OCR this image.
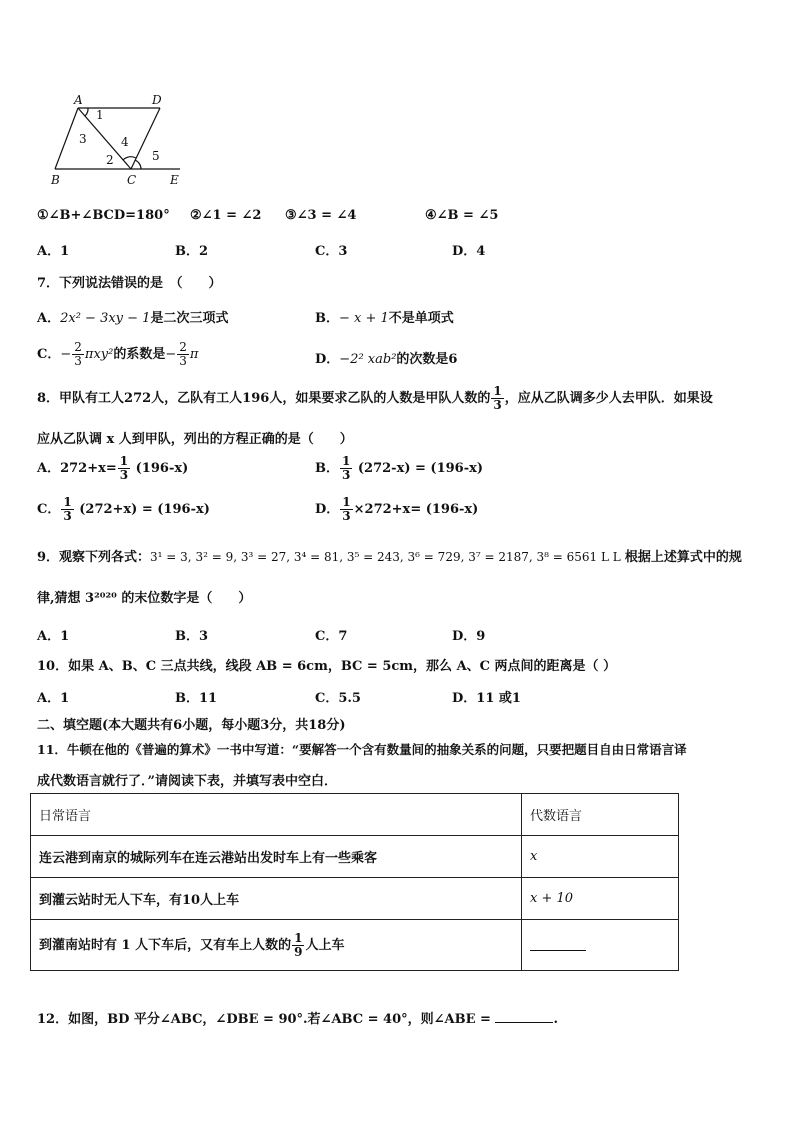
A	D
B	C	E
1
3	4
2	5
①∠B+∠BCD=180° ②∠1 = ∠2 ③∠3 = ∠4	④∠B = ∠5
A．1	B．2	C．3	D．4
7．下列说法错误的是　（　　）
A．2x² − 3xy − 1是二次三项式	B．− x + 1不是单项式
C．− $\frac{2}{3} \pi xy^2$的系数是− $\frac{2}{3}$ π	D．−2² xab²的次数是6
8．甲队有工人272人，乙队有工人196人，如果要求乙队的人数是甲队人数的 $\frac{1}{3}$ ，应从乙队调多少人去甲队．如果设
应从乙队调 x 人到甲队，列出的方程正确的是（　　）
A．$272+x= \frac{1}{3} (196-x)$	B． $\frac{1}{3} (272-x) = (196-x)$
C． $\frac{1}{3} (272+x) = (196-x)$	D． $\frac{1}{3} \times 272+x= (196-x)$
9．观察下列各式：3¹ = 3, 3² = 9, 3³ = 27, 3⁴ = 81, 3⁵ = 243, 3⁶ = 729, 3⁷ = 2187, 3⁸ = 6561 L L 根据上述算式中的规
律,猜想 3²⁰²⁰ 的末位数字是（　　）
A．1	B．3	C．7	D．9
10．如果 A、B、C 三点共线，线段 AB = 6cm，BC = 5cm，那么 A、C 两点间的距离是（ ）
A．1	B．11	C．5.5	D．11 或1
二、填空题(本大题共有6小题，每小题3分，共18分)
11．牛顿在他的《普遍的算术》一书中写道：“要解答一个含有数量间的抽象关系的问题，只要把题目自由日常语言译
成代数语言就行了．”请阅读下表，并填写表中空白．
日常语言	代数语言
连云港到南京的城际列车在连云港站出发时车上有一些乘客	x
到灌云站时无人下车，有10人上车	x + 10
到灌南站时有 1 人下车后，又有车上人数的 $\frac{1}{9}$ 人上车	
12．如图，BD 平分∠ABC，∠DBE = 90°.若∠ABC = 40°，则∠ABE =	.
